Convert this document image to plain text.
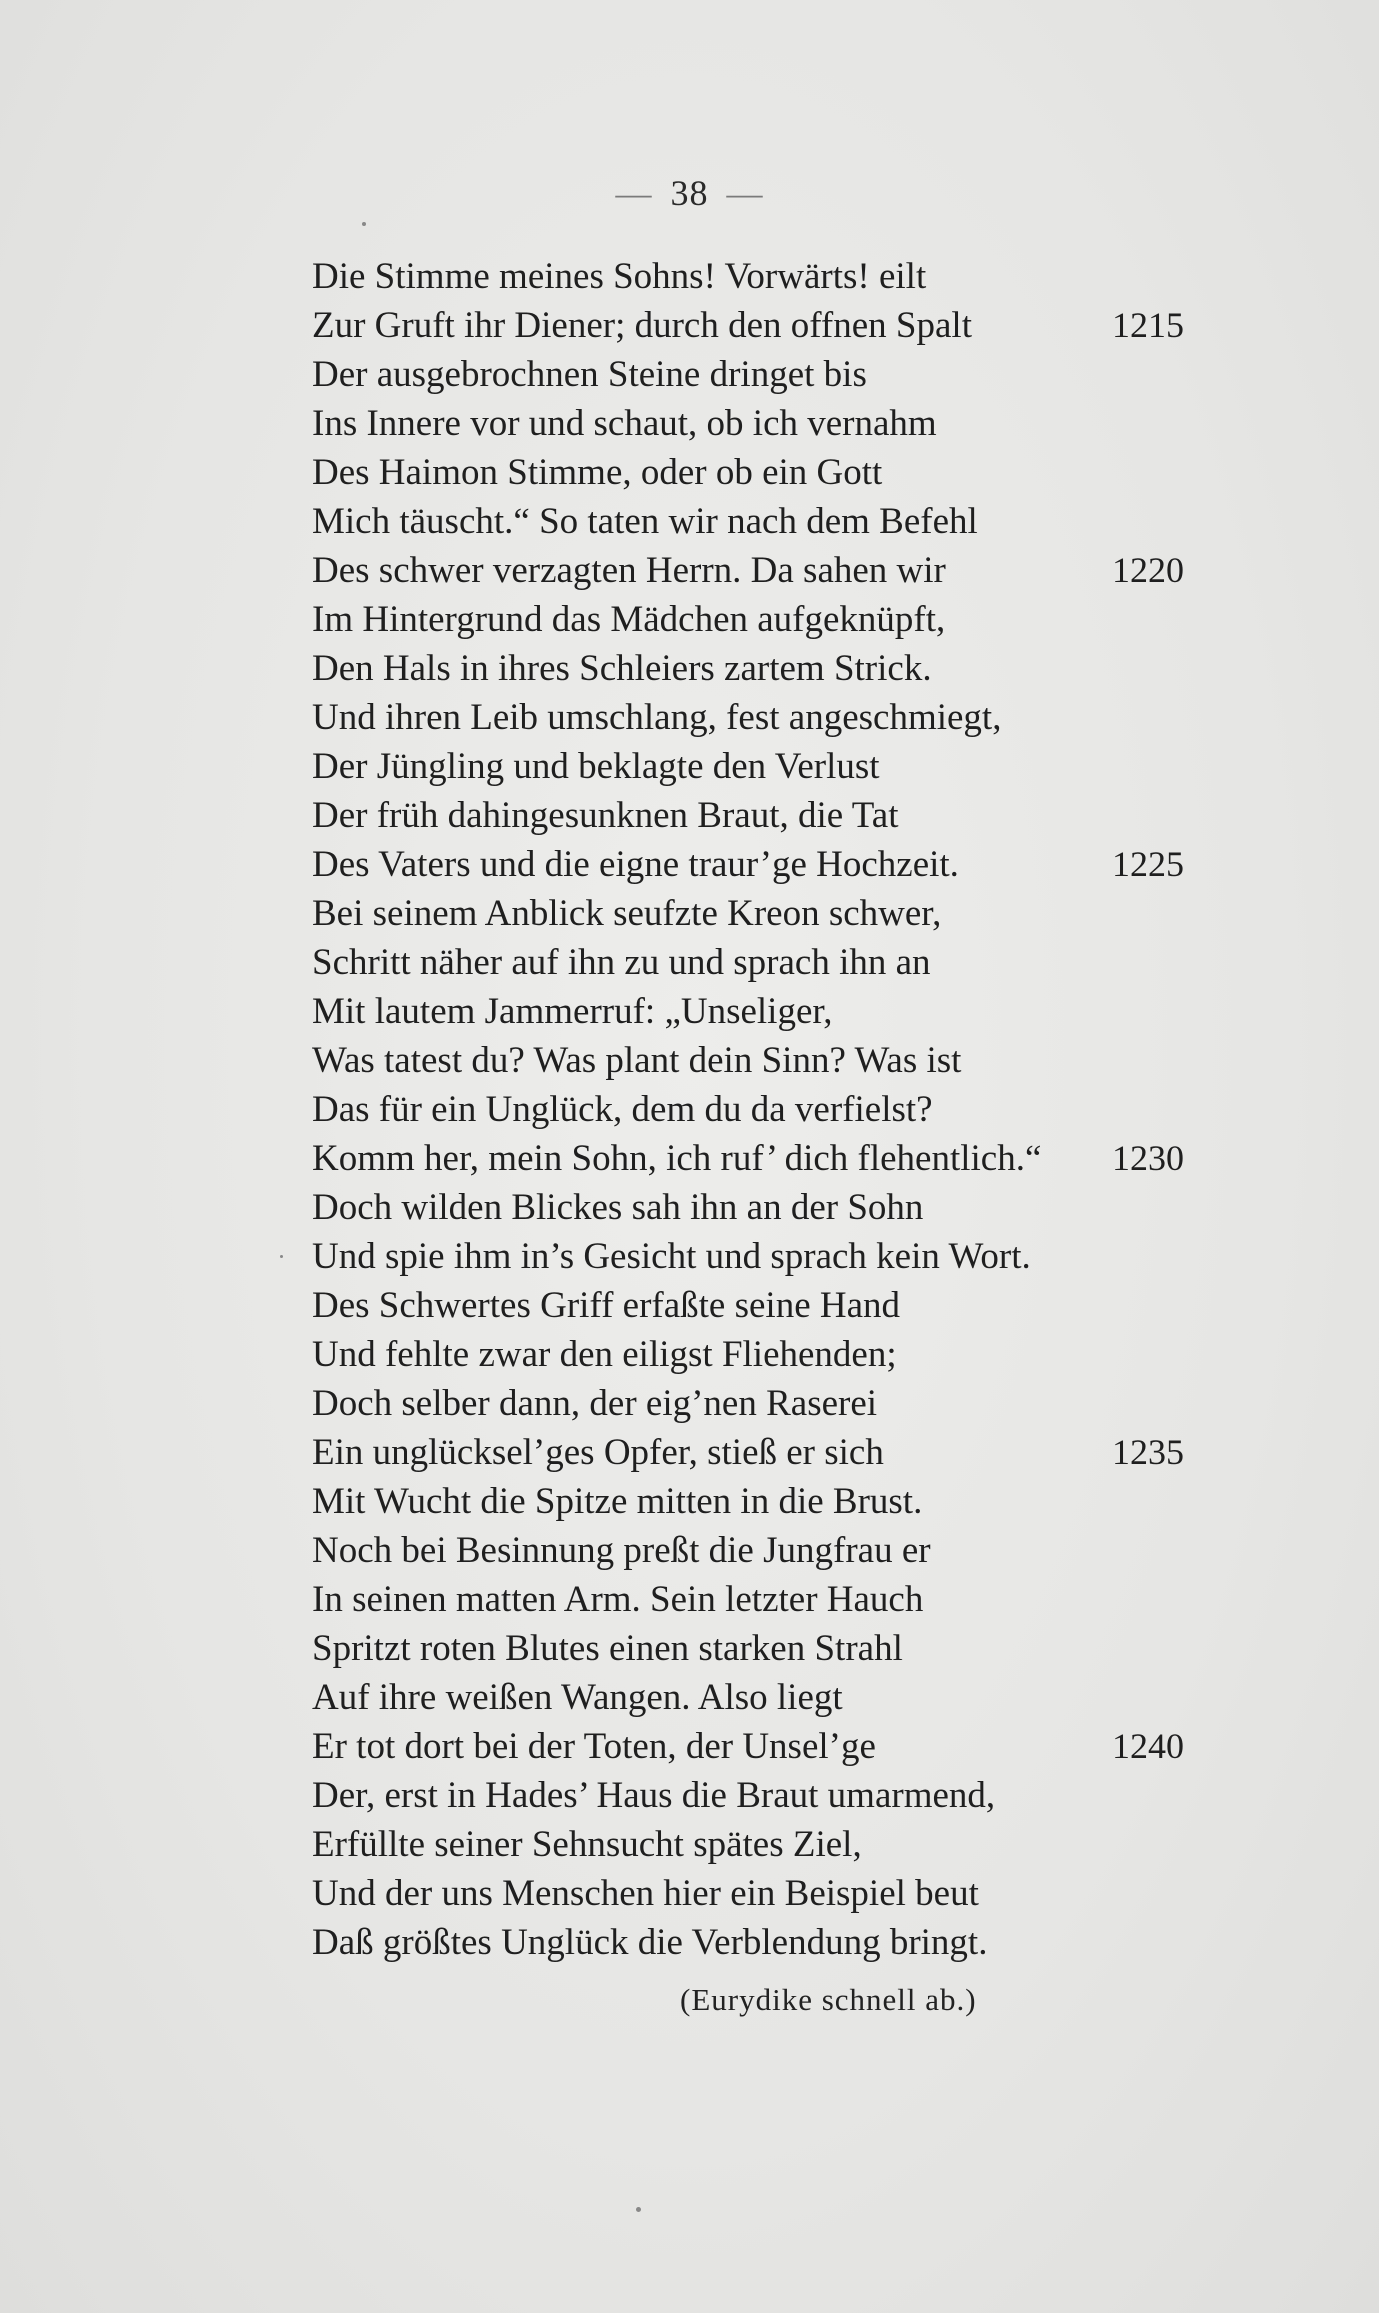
— 38 —
Die Stimme meines Sohns! Vorwärts! eilt
Zur Gruft ihr Diener; durch den offnen Spalt	1215
Der ausgebrochnen Steine dringet bis
Ins Innere vor und schaut, ob ich vernahm
Des Haimon Stimme, oder ob ein Gott
Mich täuscht.“ So taten wir nach dem Befehl
Des schwer verzagten Herrn. Da sahen wir	1220
Im Hintergrund das Mädchen aufgeknüpft,
Den Hals in ihres Schleiers zartem Strick.
Und ihren Leib umschlang, fest angeschmiegt,
Der Jüngling und beklagte den Verlust
Der früh dahingesunknen Braut, die Tat
Des Vaters und die eigne traur’ge Hochzeit.	1225
Bei seinem Anblick seufzte Kreon schwer,
Schritt näher auf ihn zu und sprach ihn an
Mit lautem Jammerruf: „Unseliger,
Was tatest du? Was plant dein Sinn? Was ist
Das für ein Unglück, dem du da verfielst?
Komm her, mein Sohn, ich ruf’ dich flehentlich.“ 1230
Doch wilden Blickes sah ihn an der Sohn
Und spie ihm in’s Gesicht und sprach kein Wort.
Des Schwertes Griff erfaßte seine Hand
Und fehlte zwar den eiligst Fliehenden;
Doch selber dann, der eig’nen Raserei
Ein unglücksel’ges Opfer, stieß er sich	1235
Mit Wucht die Spitze mitten in die Brust.
Noch bei Besinnung preßt die Jungfrau er
In seinen matten Arm. Sein letzter Hauch
Spritzt roten Blutes einen starken Strahl
Auf ihre weißen Wangen. Also liegt
Er tot dort bei der Toten, der Unsel’ge	1240
Der, erst in Hades’ Haus die Braut umarmend,
Erfüllte seiner Sehnsucht spätes Ziel,
Und der uns Menschen hier ein Beispiel beut
Daß größtes Unglück die Verblendung bringt.
(Eurydike schnell ab.)
